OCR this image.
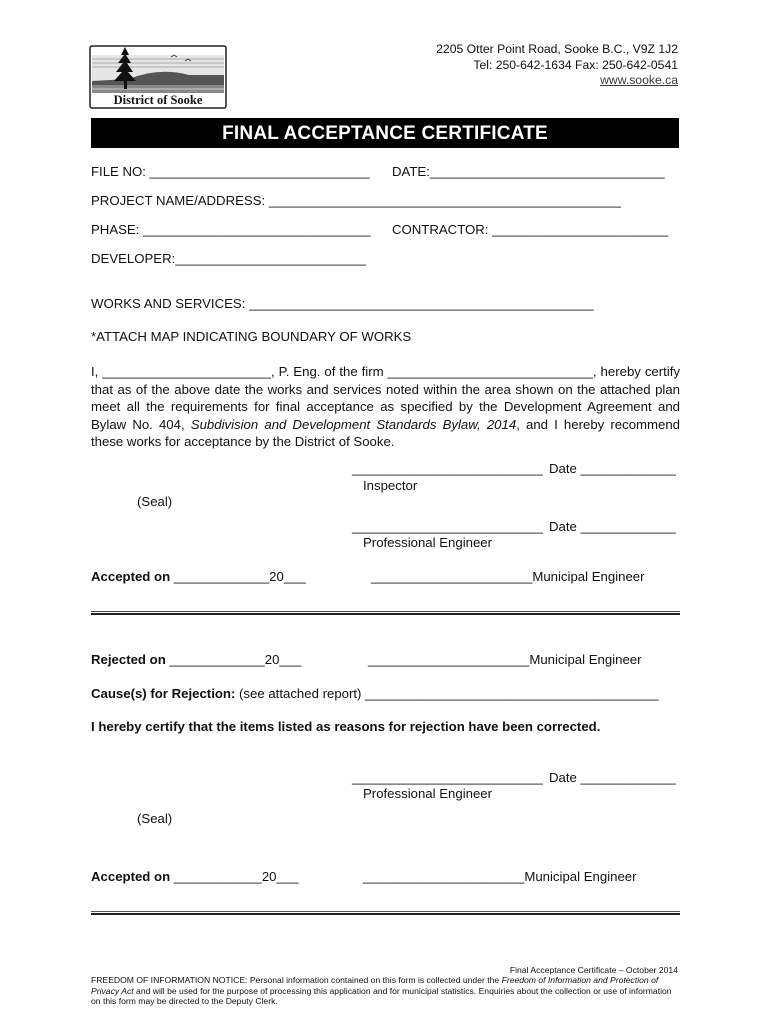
District of Sooke
2205 Otter Point Road, Sooke B.C., V9Z 1J2
Tel: 250-642-1634 Fax: 250-642-0541
www.sooke.ca
FINAL ACCEPTANCE CERTIFICATE
FILE NO: ______________________________ DATE:________________________________
PROJECT NAME/ADDRESS: ________________________________________________
PHASE: _______________________________ CONTRACTOR: ________________________
DEVELOPER:__________________________
WORKS AND SERVICES: _______________________________________________
*ATTACH MAP INDICATING BOUNDARY OF WORKS
I, _______________________, P. Eng. of the firm ____________________________, hereby certify that as of the above date the works and services noted within the area shown on the attached plan meet all the requirements for final acceptance as specified by the Development Agreement and Bylaw No. 404, Subdivision and Development Standards Bylaw, 2014, and I hereby recommend these works for acceptance by the District of Sooke.
__________________________ Date _____________
Inspector
(Seal)
__________________________ Date _____________
Professional Engineer
Accepted on _____________20___	______________________Municipal Engineer
Rejected on _____________20___	______________________Municipal Engineer
Cause(s) for Rejection: (see attached report) ________________________________________
I hereby certify that the items listed as reasons for rejection have been corrected.
__________________________ Date _____________
Professional Engineer
(Seal)
Accepted on ____________20___	______________________Municipal Engineer
Final Acceptance Certificate – October 2014
FREEDOM OF INFORMATION NOTICE: Personal information contained on this form is collected under the Freedom of Information and Protection of Privacy Act and will be used for the purpose of processing this application and for municipal statistics. Enquiries about the collection or use of information on this form may be directed to the Deputy Clerk.
